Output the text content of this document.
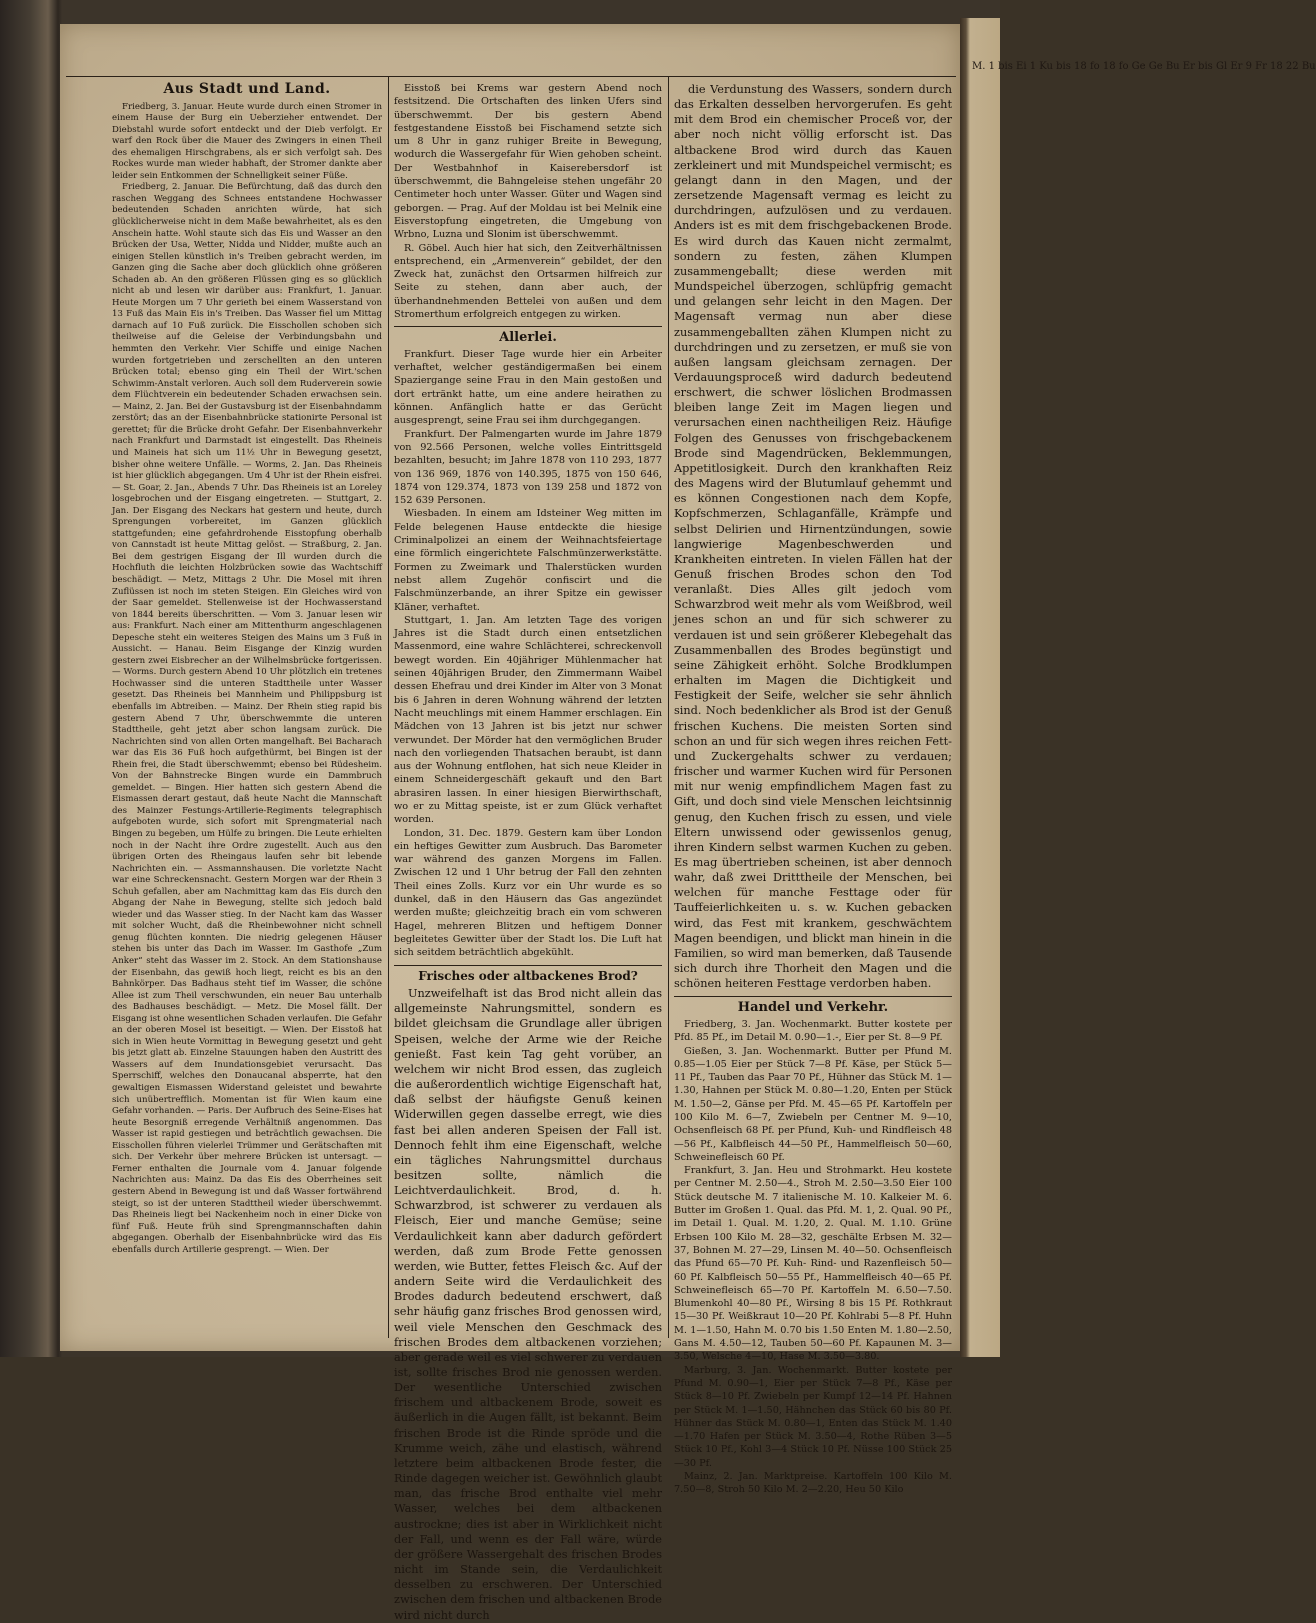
M. 1 bis Ei 1 Ku bis 18 fo 18 fo Ge Ge Bu Er bis Gl Er 9 Fr 18 22 Bu
Aus Stadt und Land.

Friedberg, 3. Januar. Heute wurde durch einen Stromer in einem Hause der Burg ein Ueberzieher entwendet. Der Diebstahl wurde sofort entdeckt und der Dieb verfolgt. Er warf den Rock über die Mauer des Zwingers in einen Theil des ehemaligen Hirschgrabens, als er sich verfolgt sah. Des Rockes wurde man wieder habhaft, der Stromer dankte aber leider sein Entkommen der Schnelligkeit seiner Füße.

Friedberg, 2. Januar. Die Befürchtung, daß das durch den raschen Weggang des Schnees entstandene Hochwasser bedeutenden Schaden anrichten würde, hat sich glücklicherweise nicht in dem Maße bewahrheitet, als es den Anschein hatte. Wohl staute sich das Eis und Wasser an den Brücken der Usa, Wetter, Nidda und Nidder, mußte auch an einigen Stellen künstlich in's Treiben gebracht werden, im Ganzen ging die Sache aber doch glücklich ohne größeren Schaden ab. An den größeren Flüssen ging es so glücklich nicht ab und lesen wir darüber aus: Frankfurt, 1. Januar. Heute Morgen um 7 Uhr gerieth bei einem Wasserstand von 13 Fuß das Main Eis in's Treiben. Das Wasser fiel um Mittag darnach auf 10 Fuß zurück. Die Eisschollen schoben sich theilweise auf die Geleise der Verbindungsbahn und hemmten den Verkehr. Vier Schiffe und einige Nachen wurden fortgetrieben und zerschellten an den unteren Brücken total; ebenso ging ein Theil der Wirt.'schen Schwimm-Anstalt verloren. Auch soll dem Ruderverein sowie dem Flüchtverein ein bedeutender Schaden erwachsen sein. — Mainz, 2. Jan. Bei der Gustavsburg ist der Eisenbahndamm zerstört; das an der Eisenbahnbrücke stationirte Personal ist gerettet; für die Brücke droht Gefahr. Der Eisenbahnverkehr nach Frankfurt und Darmstadt ist eingestellt. Das Rheineis und Maineis hat sich um 11½ Uhr in Bewegung gesetzt, bisher ohne weitere Unfälle. — Worms, 2. Jan. Das Rheineis ist hier glücklich abgegangen. Um 4 Uhr ist der Rhein eisfrei. — St. Goar, 2. Jan., Abends 7 Uhr. Das Rheineis ist an Loreley losgebrochen und der Eisgang eingetreten. — Stuttgart, 2. Jan. Der Eisgang des Neckars hat gestern und heute, durch Sprengungen vorbereitet, im Ganzen glücklich stattgefunden; eine gefahrdrohende Eisstopfung oberhalb von Cannstadt ist heute Mittag gelöst. — Straßburg, 2. Jan. Bei dem gestrigen Eisgang der Ill wurden durch die Hochfluth die leichten Holzbrücken sowie das Wachtschiff beschädigt. — Metz, Mittags 2 Uhr. Die Mosel mit ihren Zuflüssen ist noch im steten Steigen. Ein Gleiches wird von der Saar gemeldet. Stellenweise ist der Hochwasserstand von 1844 bereits überschritten. — Vom 3. Januar lesen wir aus: Frankfurt. Nach einer am Mittenthurm angeschlagenen Depesche steht ein weiteres Steigen des Mains um 3 Fuß in Aussicht. — Hanau. Beim Eisgange der Kinzig wurden gestern zwei Eisbrecher an der Wilhelmsbrücke fortgerissen. — Worms. Durch gestern Abend 10 Uhr plötzlich ein tretenes Hochwasser sind die unteren Stadttheile unter Wasser gesetzt. Das Rheineis bei Mannheim und Philippsburg ist ebenfalls im Abtreiben. — Mainz. Der Rhein stieg rapid bis gestern Abend 7 Uhr, überschwemmte die unteren Stadttheile, geht jetzt aber schon langsam zurück. Die Nachrichten sind von allen Orten mangelhaft. Bei Bacharach war das Eis 36 Fuß hoch aufgethürmt, bei Bingen ist der Rhein frei, die Stadt überschwemmt; ebenso bei Rüdesheim. Von der Bahnstrecke Bingen wurde ein Dammbruch gemeldet. — Bingen. Hier hatten sich gestern Abend die Eismassen derart gestaut, daß heute Nacht die Mannschaft des Mainzer Festungs-Artillerie-Regiments telegraphisch aufgeboten wurde, sich sofort mit Sprengmaterial nach Bingen zu begeben, um Hülfe zu bringen. Die Leute erhielten noch in der Nacht ihre Ordre zugestellt. Auch aus den übrigen Orten des Rheingaus laufen sehr bit lebende Nachrichten ein. — Assmannshausen. Die vorletzte Nacht war eine Schreckensnacht. Gestern Morgen war der Rhein 3 Schuh gefallen, aber am Nachmittag kam das Eis durch den Abgang der Nahe in Bewegung, stellte sich jedoch bald wieder und das Wasser stieg. In der Nacht kam das Wasser mit solcher Wucht, daß die Rheinbewohner nicht schnell genug flüchten konnten. Die niedrig gelegenen Häuser stehen bis unter das Dach im Wasser. Im Gasthofe „Zum Anker“ steht das Wasser im 2. Stock. An dem Stationshause der Eisenbahn, das gewiß hoch liegt, reicht es bis an den Bahnkörper. Das Badhaus steht tief im Wasser, die schöne Allee ist zum Theil verschwunden, ein neuer Bau unterhalb des Badhauses beschädigt. — Metz. Die Mosel fällt. Der Eisgang ist ohne wesentlichen Schaden verlaufen. Die Gefahr an der oberen Mosel ist beseitigt. — Wien. Der Eisstoß hat sich in Wien heute Vormittag in Bewegung gesetzt und geht bis jetzt glatt ab. Einzelne Stauungen haben den Austritt des Wassers auf dem Inundationsgebiet verursacht. Das Sperrschiff, welches den Donaucanal absperrte, hat den gewaltigen Eismassen Widerstand geleistet und bewahrte sich unübertrefflich. Momentan ist für Wien kaum eine Gefahr vorhanden. — Paris. Der Aufbruch des Seine-Eises hat heute Besorgniß erregende Verhältniß angenommen. Das Wasser ist rapid gestiegen und beträchtlich gewachsen. Die Eisschollen führen vielerlei Trümmer und Gerätschaften mit sich. Der Verkehr über mehrere Brücken ist untersagt. — Ferner enthalten die Journale vom 4. Januar folgende Nachrichten aus: Mainz. Da das Eis des Oberrheines seit gestern Abend in Bewegung ist und daß Wasser fortwährend steigt, so ist der unteren Stadttheil wieder überschwemmt. Das Rheineis liegt bei Nackenheim noch in einer Dicke von fünf Fuß. Heute früh sind Sprengmannschaften dahin abgegangen. Oberhalb der Eisenbahnbrücke wird das Eis ebenfalls durch Artillerie gesprengt. — Wien. Der

Eisstoß bei Krems war gestern Abend noch festsitzend. Die Ortschaften des linken Ufers sind überschwemmt. Der bis gestern Abend festgestandene Eisstoß bei Fischamend setzte sich um 8 Uhr in ganz ruhiger Breite in Bewegung, wodurch die Wassergefahr für Wien gehoben scheint. Der Westbahnhof in Kaiserebersdorf ist überschwemmt, die Bahngeleise stehen ungefähr 20 Centimeter hoch unter Wasser. Güter und Wagen sind geborgen. — Prag. Auf der Moldau ist bei Melnik eine Eisverstopfung eingetreten, die Umgebung von Wrbno, Luzna und Slonim ist überschwemmt.

R. Göbel. Auch hier hat sich, den Zeitverhältnissen entsprechend, ein „Armenverein“ gebildet, der den Zweck hat, zunächst den Ortsarmen hilfreich zur Seite zu stehen, dann aber auch, der überhandnehmenden Bettelei von außen und dem Stromerthum erfolgreich entgegen zu wirken.

Allerlei.

Frankfurt. Dieser Tage wurde hier ein Arbeiter verhaftet, welcher geständigermaßen bei einem Spaziergange seine Frau in den Main gestoßen und dort ertränkt hatte, um eine andere heirathen zu können. Anfänglich hatte er das Gerücht ausgesprengt, seine Frau sei ihm durchgegangen.

Frankfurt. Der Palmengarten wurde im Jahre 1879 von 92.566 Personen, welche volles Eintrittsgeld bezahlten, besucht; im Jahre 1878 von 110 293, 1877 von 136 969, 1876 von 140.395, 1875 von 150 646, 1874 von 129.374, 1873 von 139 258 und 1872 von 152 639 Personen.

Wiesbaden. In einem am Idsteiner Weg mitten im Felde belegenen Hause entdeckte die hiesige Criminalpolizei an einem der Weihnachtsfeiertage eine förmlich eingerichtete Falschmünzerwerkstätte. Formen zu Zweimark und Thalerstücken wurden nebst allem Zugehör confiscirt und die Falschmünzerbande, an ihrer Spitze ein gewisser Kläner, verhaftet.

Stuttgart, 1. Jan. Am letzten Tage des vorigen Jahres ist die Stadt durch einen entsetzlichen Massenmord, eine wahre Schlächterei, schreckenvoll bewegt worden. Ein 40jähriger Mühlenmacher hat seinen 40jährigen Bruder, den Zimmermann Waibel dessen Ehefrau und drei Kinder im Alter von 3 Monat bis 6 Jahren in deren Wohnung während der letzten Nacht meuchlings mit einem Hammer erschlagen. Ein Mädchen von 13 Jahren ist bis jetzt nur schwer verwundet. Der Mörder hat den vermöglichen Bruder nach den vorliegenden Thatsachen beraubt, ist dann aus der Wohnung entflohen, hat sich neue Kleider in einem Schneidergeschäft gekauft und den Bart abrasiren lassen. In einer hiesigen Bierwirthschaft, wo er zu Mittag speiste, ist er zum Glück verhaftet worden.

London, 31. Dec. 1879. Gestern kam über London ein heftiges Gewitter zum Ausbruch. Das Barometer war während des ganzen Morgens im Fallen. Zwischen 12 und 1 Uhr betrug der Fall den zehnten Theil eines Zolls. Kurz vor ein Uhr wurde es so dunkel, daß in den Häusern das Gas angezündet werden mußte; gleichzeitig brach ein vom schweren Hagel, mehreren Blitzen und heftigem Donner begleitetes Gewitter über der Stadt los. Die Luft hat sich seitdem beträchtlich abgekühlt.

Frisches oder altbackenes Brod?

Unzweifelhaft ist das Brod nicht allein das allgemeinste Nahrungsmittel, sondern es bildet gleichsam die Grundlage aller übrigen Speisen, welche der Arme wie der Reiche genießt. Fast kein Tag geht vorüber, an welchem wir nicht Brod essen, das zugleich die außerordentlich wichtige Eigenschaft hat, daß selbst der häufigste Genuß keinen Widerwillen gegen dasselbe erregt, wie dies fast bei allen anderen Speisen der Fall ist. Dennoch fehlt ihm eine Eigenschaft, welche ein tägliches Nahrungsmittel durchaus besitzen sollte, nämlich die Leichtverdaulichkeit. Brod, d. h. Schwarzbrod, ist schwerer zu verdauen als Fleisch, Eier und manche Gemüse; seine Verdaulichkeit kann aber dadurch gefördert werden, daß zum Brode Fette genossen werden, wie Butter, fettes Fleisch &c. Auf der andern Seite wird die Verdaulichkeit des Brodes dadurch bedeutend erschwert, daß sehr häufig ganz frisches Brod genossen wird, weil viele Menschen den Geschmack des frischen Brodes dem altbackenen vorziehen; aber gerade weil es viel schwerer zu verdauen ist, sollte frisches Brod nie genossen werden. Der wesentliche Unterschied zwischen frischem und altbackenem Brode, soweit es äußerlich in die Augen fällt, ist bekannt. Beim frischen Brode ist die Rinde spröde und die Krumme weich, zähe und elastisch, während letztere beim altbackenen Brode fester, die Rinde dagegen weicher ist. Gewöhnlich glaubt man, das frische Brod enthalte viel mehr Wasser, welches bei dem altbackenen austrockne; dies ist aber in Wirklichkeit nicht der Fall, und wenn es der Fall wäre, würde der größere Wassergehalt des frischen Brodes nicht im Stande sein, die Verdaulichkeit desselben zu erschweren. Der Unterschied zwischen dem frischen und altbackenen Brode wird nicht durch

die Verdunstung des Wassers, sondern durch das Erkalten desselben hervorgerufen. Es geht mit dem Brod ein chemischer Proceß vor, der aber noch nicht völlig erforscht ist. Das altbackene Brod wird durch das Kauen zerkleinert und mit Mundspeichel vermischt; es gelangt dann in den Magen, und der zersetzende Magensaft vermag es leicht zu durchdringen, aufzulösen und zu verdauen. Anders ist es mit dem frischgebackenen Brode. Es wird durch das Kauen nicht zermalmt, sondern zu festen, zähen Klumpen zusammengeballt; diese werden mit Mundspeichel überzogen, schlüpfrig gemacht und gelangen sehr leicht in den Magen. Der Magensaft vermag nun aber diese zusammengeballten zähen Klumpen nicht zu durchdringen und zu zersetzen, er muß sie von außen langsam gleichsam zernagen. Der Verdauungsproceß wird dadurch bedeutend erschwert, die schwer löslichen Brodmassen bleiben lange Zeit im Magen liegen und verursachen einen nachtheiligen Reiz. Häufige Folgen des Genusses von frischgebackenem Brode sind Magendrücken, Beklemmungen, Appetitlosigkeit. Durch den krankhaften Reiz des Magens wird der Blutumlauf gehemmt und es können Congestionen nach dem Kopfe, Kopfschmerzen, Schlaganfälle, Krämpfe und selbst Delirien und Hirnentzündungen, sowie langwierige Magenbeschwerden und Krankheiten eintreten. In vielen Fällen hat der Genuß frischen Brodes schon den Tod veranlaßt. Dies Alles gilt jedoch vom Schwarzbrod weit mehr als vom Weißbrod, weil jenes schon an und für sich schwerer zu verdauen ist und sein größerer Klebegehalt das Zusammenballen des Brodes begünstigt und seine Zähigkeit erhöht. Solche Brodklumpen erhalten im Magen die Dichtigkeit und Festigkeit der Seife, welcher sie sehr ähnlich sind. Noch bedenklicher als Brod ist der Genuß frischen Kuchens. Die meisten Sorten sind schon an und für sich wegen ihres reichen Fett- und Zuckergehalts schwer zu verdauen; frischer und warmer Kuchen wird für Personen mit nur wenig empfindlichem Magen fast zu Gift, und doch sind viele Menschen leichtsinnig genug, den Kuchen frisch zu essen, und viele Eltern unwissend oder gewissenlos genug, ihren Kindern selbst warmen Kuchen zu geben. Es mag übertrieben scheinen, ist aber dennoch wahr, daß zwei Dritttheile der Menschen, bei welchen für manche Festtage oder für Tauffeierlichkeiten u. s. w. Kuchen gebacken wird, das Fest mit krankem, geschwächtem Magen beendigen, und blickt man hinein in die Familien, so wird man bemerken, daß Tausende sich durch ihre Thorheit den Magen und die schönen heiteren Festtage verdorben haben.

Handel und Verkehr.

Friedberg, 3. Jan. Wochenmarkt. Butter kostete per Pfd. 85 Pf., im Detail M. 0.90—1.-, Eier per St. 8—9 Pf.

Gießen, 3. Jan. Wochenmarkt. Butter per Pfund M. 0.85—1.05 Eier per Stück 7—8 Pf. Käse, per Stück 5—11 Pf., Tauben das Paar 70 Pf., Hühner das Stück M. 1—1.30, Hahnen per Stück M. 0.80—1.20, Enten per Stück M. 1.50—2, Gänse per Pfd. M. 45—65 Pf. Kartoffeln per 100 Kilo M. 6—7, Zwiebeln per Centner M. 9—10, Ochsenfleisch 68 Pf. per Pfund, Kuh- und Rindfleisch 48—56 Pf., Kalbfleisch 44—50 Pf., Hammelfleisch 50—60, Schweinefleisch 60 Pf.

Frankfurt, 3. Jan. Heu und Strohmarkt. Heu kostete per Centner M. 2.50—4., Stroh M. 2.50—3.50 Eier 100 Stück deutsche M. 7 italienische M. 10. Kalkeier M. 6. Butter im Großen 1. Qual. das Pfd. M. 1, 2. Qual. 90 Pf., im Detail 1. Qual. M. 1.20, 2. Qual. M. 1.10. Grüne Erbsen 100 Kilo M. 28—32, geschälte Erbsen M. 32—37, Bohnen M. 27—29, Linsen M. 40—50. Ochsenfleisch das Pfund 65—70 Pf. Kuh- Rind- und Razenfleisch 50—60 Pf. Kalbfleisch 50—55 Pf., Hammelfleisch 40—65 Pf. Schweinefleisch 65—70 Pf. Kartoffeln M. 6.50—7.50. Blumenkohl 40—80 Pf., Wirsing 8 bis 15 Pf. Rothkraut 15—30 Pf. Weißkraut 10—20 Pf. Kohlrabi 5—8 Pf. Huhn M. 1—1.50, Hahn M. 0.70 bis 1.50 Enten M. 1.80—2.50, Gans M. 4.50—12, Tauben 50—60 Pf. Kapaunen M. 3—3.50, Welsche 4—10, Hase M. 3.50—3.80.

Marburg, 3. Jan. Wochenmarkt. Butter kostete per Pfund M. 0.90—1, Eier per Stück 7—8 Pf., Käse per Stück 8—10 Pf. Zwiebeln per Kumpf 12—14 Pf. Hahnen per Stück M. 1—1.50, Hähnchen das Stück 60 bis 80 Pf. Hühner das Stück M. 0.80—1, Enten das Stück M. 1.40—1.70 Hafen per Stück M. 3.50—4, Rothe Rüben 3—5 Stück 10 Pf., Kohl 3—4 Stück 10 Pf. Nüsse 100 Stück 25—30 Pf.

Mainz, 2. Jan. Marktpreise. Kartoffeln 100 Kilo M. 7.50—8, Stroh 50 Kilo M. 2—2.20, Heu 50 Kilo
